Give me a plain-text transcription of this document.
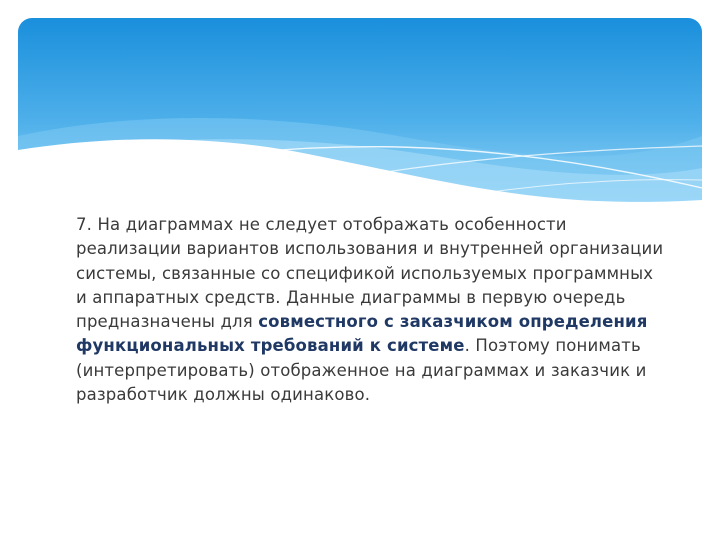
7. На диаграммах не следует отображать особенности реализации вариантов использования и внутренней организации системы, связанные со спецификой используемых программных и аппаратных средств. Данные диаграммы в первую очередь предназначены для совместного с заказчиком определения функциональных требований к системе. Поэтому понимать (интерпретировать) отображенное на диаграммах и заказчик и разработчик должны одинаково.
